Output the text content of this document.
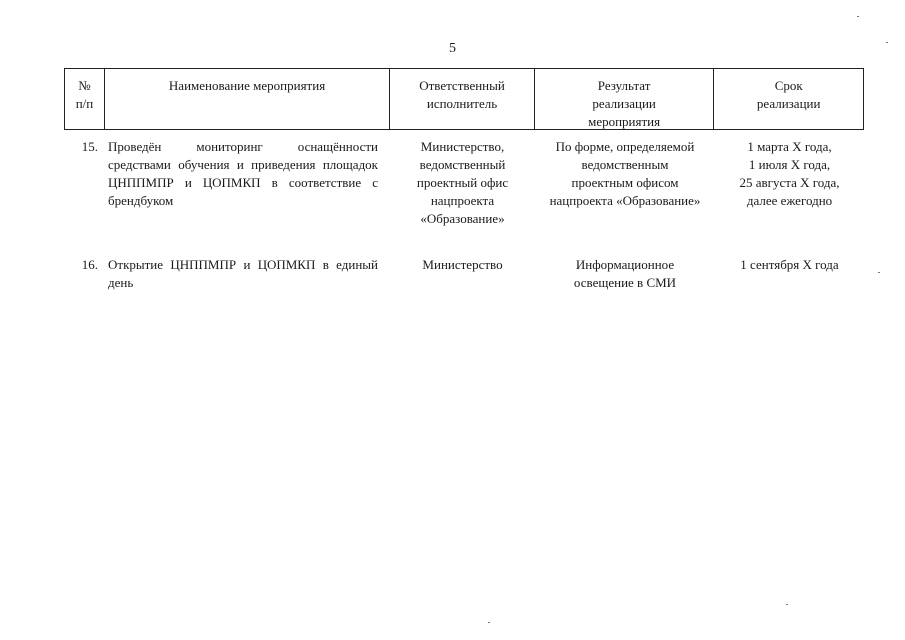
5
№
п/п
Наименование мероприятия	Ответственный
исполнитель
Результат
реализации
мероприятия
Срок
реализации
15. Проведён мониторинг оснащённости средствами обучения и приведения площадок ЦНППМПР и ЦОПМКП в соответствие с брендбуком
Министерство,
ведомственный
проектный офис
нацпроекта
«Образование»
По форме, определяемой
ведомственным
проектным офисом
нацпроекта «Образование»
1 марта X года,
1 июля X года,
25 августа X года,
далее ежегодно
16. Открытие ЦНППМПР и ЦОПМКП в единый день
Министерство	Информационное
освещение в СМИ
1 сентября X года
